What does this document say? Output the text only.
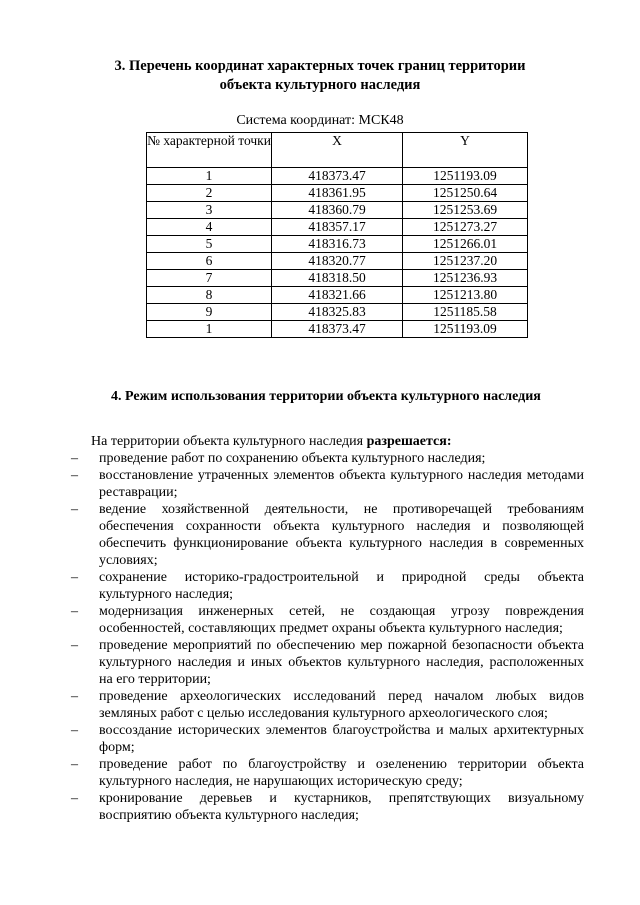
3. Перечень координат характерных точек границ территории
объекта культурного наследия
Система координат: МСК48
№ характерной точки	X	Y
1	418373.47	1251193.09
2	418361.95	1251250.64
3	418360.79	1251253.69
4	418357.17	1251273.27
5	418316.73	1251266.01
6	418320.77	1251237.20
7	418318.50	1251236.93
8	418321.66	1251213.80
9	418325.83	1251185.58
1	418373.47	1251193.09
4. Режим использования территории объекта культурного наследия
На территории объекта культурного наследия разрешается:
– проведение работ по сохранению объекта культурного наследия;
– восстановление утраченных элементов объекта культурного наследия методами реставрации;
– ведение хозяйственной деятельности, не противоречащей требованиям обеспечения сохранности объекта культурного наследия и позволяющей обеспечить функционирование объекта культурного наследия в современных условиях;
– сохранение историко-градостроительной и природной среды объекта культурного наследия;
– модернизация инженерных сетей, не создающая угрозу повреждения особенностей, составляющих предмет охраны объекта культурного наследия;
– проведение мероприятий по обеспечению мер пожарной безопасности объекта культурного наследия и иных объектов культурного наследия, расположенных на его территории;
– проведение археологических исследований перед началом любых видов земляных работ с целью исследования культурного археологического слоя;
– воссоздание исторических элементов благоустройства и малых архитектурных форм;
– проведение работ по благоустройству и озеленению территории объекта культурного наследия, не нарушающих историческую среду;
– кронирование деревьев и кустарников, препятствующих визуальному восприятию объекта культурного наследия;
